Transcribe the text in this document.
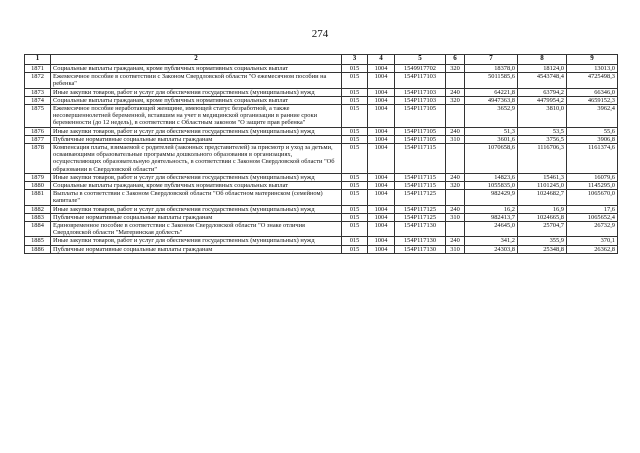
274
1	2	3	4	5	6	7	8	9
1871	Социальные выплаты гражданам, кроме публичных нормативных социальных выплат	015	1004	1549917702	320	18378,0	18124,0	13013,0
1872	Ежемесячное пособие в соответствии с Законом Свердловской области "О ежемесячном пособии на ребенка"	015	1004	154P117103		5011585,6	4543748,4	4725498,3
1873	Иные закупки товаров, работ и услуг для обеспечения государственных (муниципальных) нужд	015	1004	154P117103	240	64221,8	63794,2	66346,0
1874	Социальные выплаты гражданам, кроме публичных нормативных социальных выплат	015	1004	154P117103	320	4947363,8	4479954,2	4659152,3
1875	Ежемесячное пособие неработающей женщине, имеющей статус безработной, а также несовершеннолетней беременной, вставшим на учет в медицинской организации в ранние сроки беременности (до 12 недель), в соответствии с Областным законом "О защите прав ребенка"	015	1004	154P117105		3652,9	3810,0	3962,4
1876	Иные закупки товаров, работ и услуг для обеспечения государственных (муниципальных) нужд	015	1004	154P117105	240	51,3	53,5	55,6
1877	Публичные нормативные социальные выплаты гражданам	015	1004	154P117105	310	3601,6	3756,5	3906,8
1878	Компенсация платы, взимаемой с родителей (законных представителей) за присмотр и уход за детьми, осваивающими образовательные программы дошкольного образования в организациях, осуществляющих образовательную деятельность, в соответствии с Законом Свердловской области "Об образовании в Свердловской области"	015	1004	154P117115		1070658,6	1116706,3	1161374,6
1879	Иные закупки товаров, работ и услуг для обеспечения государственных (муниципальных) нужд	015	1004	154P117115	240	14823,6	15461,3	16079,6
1880	Социальные выплаты гражданам, кроме публичных нормативных социальных выплат	015	1004	154P117115	320	1055835,0	1101245,0	1145295,0
1881	Выплаты в соответствии с Законом Свердловской области "Об областном материнском (семейном) капитале"	015	1004	154P117125		982429,9	1024682,7	1065670,0
1882	Иные закупки товаров, работ и услуг для обеспечения государственных (муниципальных) нужд	015	1004	154P117125	240	16,2	16,9	17,6
1883	Публичные нормативные социальные выплаты гражданам	015	1004	154P117125	310	982413,7	1024665,8	1065652,4
1884	Единовременное пособие в соответствии с Законом Свердловской области "О знаке отличия Свердловской области "Материнская доблесть"	015	1004	154P117130		24645,0	25704,7	26732,9
1885	Иные закупки товаров, работ и услуг для обеспечения государственных (муниципальных) нужд	015	1004	154P117130	240	341,2	355,9	370,1
1886	Публичные нормативные социальные выплаты гражданам	015	1004	154P117130	310	24303,8	25348,8	26362,8
